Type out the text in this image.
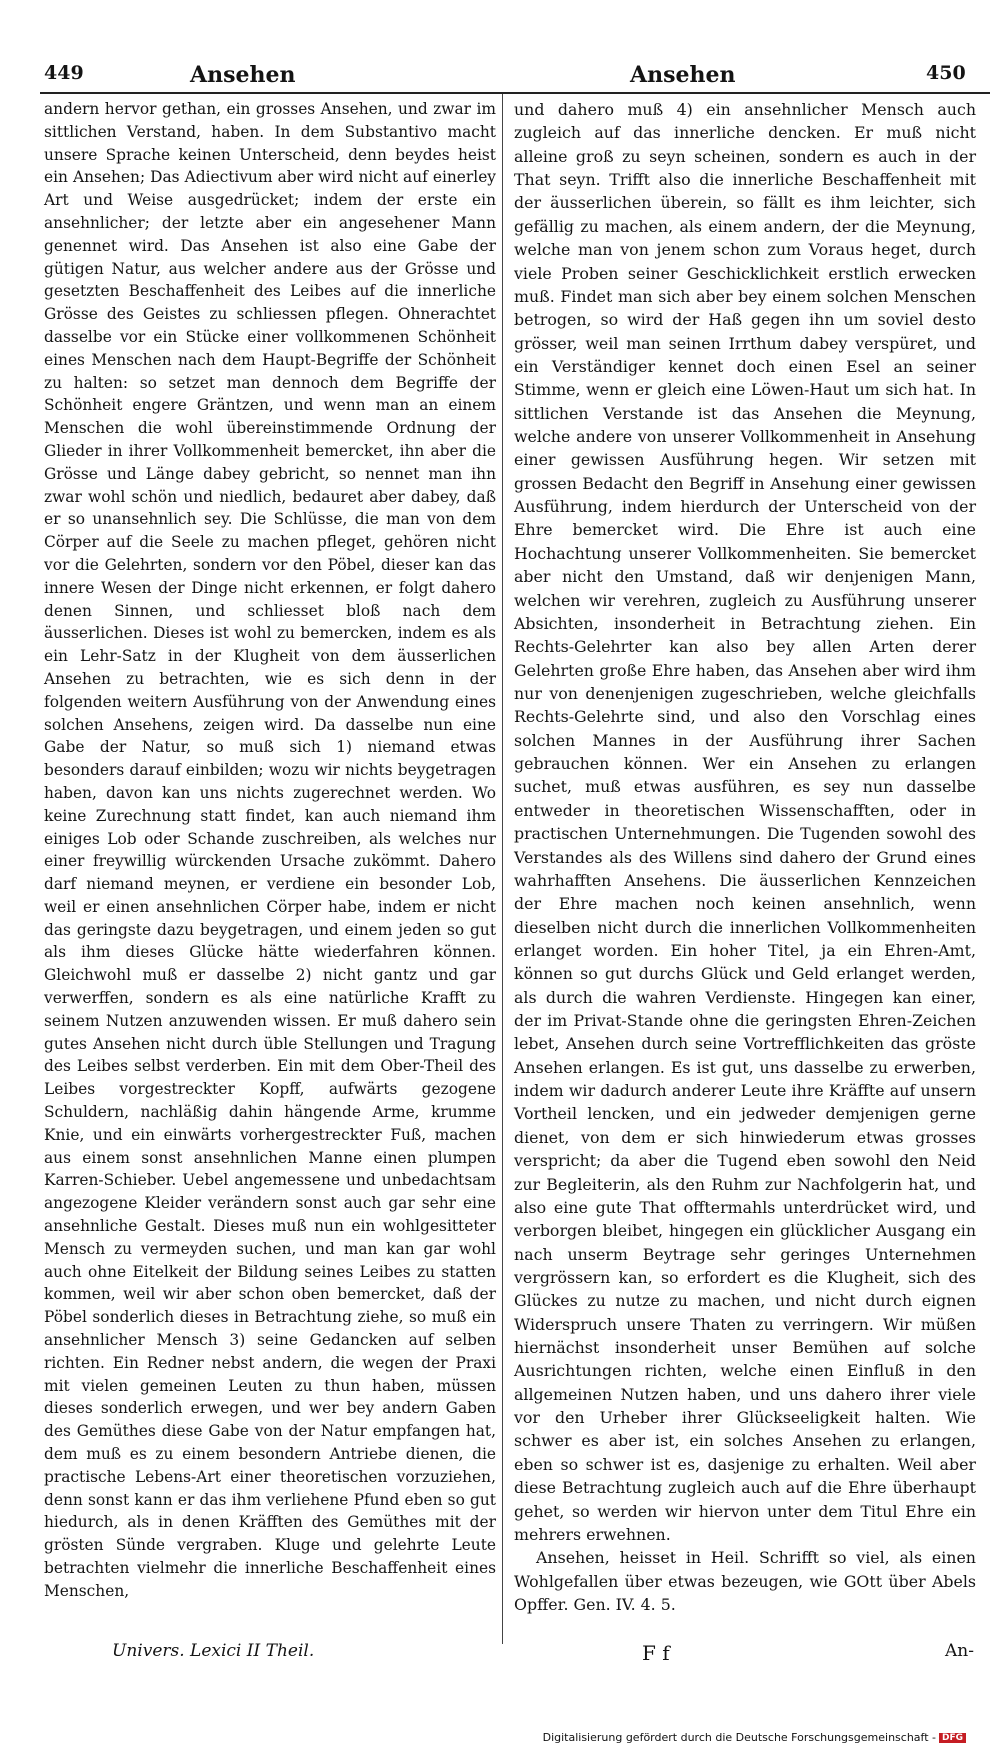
449	Ansehen	Ansehen	450

andern hervor gethan, ein grosses Ansehen, und zwar im sittlichen Verstand, haben. In dem Substantivo macht unsere Sprache keinen Unterscheid, denn beydes heist ein Ansehen; Das Adiectivum aber wird nicht auf einerley Art und Weise ausgedrücket; indem der erste ein ansehnlicher; der letzte aber ein angesehener Mann genennet wird. Das Ansehen ist also eine Gabe der gütigen Natur, aus welcher andere aus der Grösse und gesetzten Beschaffenheit des Leibes auf die innerliche Grösse des Geistes zu schliessen pflegen. Ohnerachtet dasselbe vor ein Stücke einer vollkommenen Schönheit eines Menschen nach dem Haupt-Begriffe der Schönheit zu halten: so setzet man dennoch dem Begriffe der Schönheit engere Gräntzen, und wenn man an einem Menschen die wohl übereinstimmende Ordnung der Glieder in ihrer Vollkommenheit bemercket, ihn aber die Grösse und Länge dabey gebricht, so nennet man ihn zwar wohl schön und niedlich, bedauret aber dabey, daß er so unansehnlich sey. Die Schlüsse, die man von dem Cörper auf die Seele zu machen pfleget, gehören nicht vor die Gelehrten, sondern vor den Pöbel, dieser kan das innere Wesen der Dinge nicht erkennen, er folgt dahero denen Sinnen, und schliesset bloß nach dem äusserlichen. Dieses ist wohl zu bemercken, indem es als ein Lehr-Satz in der Klugheit von dem äusserlichen Ansehen zu betrachten, wie es sich denn in der folgenden weitern Ausführung von der Anwendung eines solchen Ansehens, zeigen wird. Da dasselbe nun eine Gabe der Natur, so muß sich 1) niemand etwas besonders darauf einbilden; wozu wir nichts beygetragen haben, davon kan uns nichts zugerechnet werden. Wo keine Zurechnung statt findet, kan auch niemand ihm einiges Lob oder Schande zuschreiben, als welches nur einer freywillig würckenden Ursache zukömmt. Dahero darf niemand meynen, er verdiene ein besonder Lob, weil er einen ansehnlichen Cörper habe, indem er nicht das geringste dazu beygetragen, und einem jeden so gut als ihm dieses Glücke hätte wiederfahren können. Gleichwohl muß er dasselbe 2) nicht gantz und gar verwerffen, sondern es als eine natürliche Krafft zu seinem Nutzen anzuwenden wissen. Er muß dahero sein gutes Ansehen nicht durch üble Stellungen und Tragung des Leibes selbst verderben. Ein mit dem Ober-Theil des Leibes vorgestreckter Kopff, aufwärts gezogene Schuldern, nachläßig dahin hängende Arme, krumme Knie, und ein einwärts vorhergestreckter Fuß, machen aus einem sonst ansehnlichen Manne einen plumpen Karren-Schieber. Uebel angemessene und unbedachtsam angezogene Kleider verändern sonst auch gar sehr eine ansehnliche Gestalt. Dieses muß nun ein wohlgesitteter Mensch zu vermeyden suchen, und man kan gar wohl auch ohne Eitelkeit der Bildung seines Leibes zu statten kommen, weil wir aber schon oben bemercket, daß der Pöbel sonderlich dieses in Betrachtung ziehe, so muß ein ansehnlicher Mensch 3) seine Gedancken auf selben richten. Ein Redner nebst andern, die wegen der Praxi mit vielen gemeinen Leuten zu thun haben, müssen dieses sonderlich erwegen, und wer bey andern Gaben des Gemüthes diese Gabe von der Natur empfangen hat, dem muß es zu einem besondern Antriebe dienen, die practische Lebens-Art einer theoretischen vorzuziehen, denn sonst kann er das ihm verliehene Pfund eben so gut hiedurch, als in denen Kräfften des Gemüthes mit der grösten Sünde vergraben. Kluge und gelehrte Leute betrachten vielmehr die innerliche Beschaffenheit eines Menschen,

und dahero muß 4) ein ansehnlicher Mensch auch zugleich auf das innerliche dencken. Er muß nicht alleine groß zu seyn scheinen, sondern es auch in der That seyn. Trifft also die innerliche Beschaffenheit mit der äusserlichen überein, so fällt es ihm leichter, sich gefällig zu machen, als einem andern, der die Meynung, welche man von jenem schon zum Voraus heget, durch viele Proben seiner Geschicklichkeit erstlich erwecken muß. Findet man sich aber bey einem solchen Menschen betrogen, so wird der Haß gegen ihn um soviel desto grösser, weil man seinen Irrthum dabey verspüret, und ein Verständiger kennet doch einen Esel an seiner Stimme, wenn er gleich eine Löwen-Haut um sich hat. In sittlichen Verstande ist das Ansehen die Meynung, welche andere von unserer Vollkommenheit in Ansehung einer gewissen Ausführung hegen. Wir setzen mit grossen Bedacht den Begriff in Ansehung einer gewissen Ausführung, indem hierdurch der Unterscheid von der Ehre bemercket wird. Die Ehre ist auch eine Hochachtung unserer Vollkommenheiten. Sie bemercket aber nicht den Umstand, daß wir denjenigen Mann, welchen wir verehren, zugleich zu Ausführung unserer Absichten, insonderheit in Betrachtung ziehen. Ein Rechts-Gelehrter kan also bey allen Arten derer Gelehrten große Ehre haben, das Ansehen aber wird ihm nur von denenjenigen zugeschrieben, welche gleichfalls Rechts-Gelehrte sind, und also den Vorschlag eines solchen Mannes in der Ausführung ihrer Sachen gebrauchen können. Wer ein Ansehen zu erlangen suchet, muß etwas ausführen, es sey nun dasselbe entweder in theoretischen Wissenschafften, oder in practischen Unternehmungen. Die Tugenden sowohl des Verstandes als des Willens sind dahero der Grund eines wahrhafften Ansehens. Die äusserlichen Kennzeichen der Ehre machen noch keinen ansehnlich, wenn dieselben nicht durch die innerlichen Vollkommenheiten erlanget worden. Ein hoher Titel, ja ein Ehren-Amt, können so gut durchs Glück und Geld erlanget werden, als durch die wahren Verdienste. Hingegen kan einer, der im Privat-Stande ohne die geringsten Ehren-Zeichen lebet, Ansehen durch seine Vortrefflichkeiten das gröste Ansehen erlangen. Es ist gut, uns dasselbe zu erwerben, indem wir dadurch anderer Leute ihre Kräffte auf unsern Vortheil lencken, und ein jedweder demjenigen gerne dienet, von dem er sich hinwiederum etwas grosses verspricht; da aber die Tugend eben sowohl den Neid zur Begleiterin, als den Ruhm zur Nachfolgerin hat, und also eine gute That offtermahls unterdrücket wird, und verborgen bleibet, hingegen ein glücklicher Ausgang ein nach unserm Beytrage sehr geringes Unternehmen vergrössern kan, so erfordert es die Klugheit, sich des Glückes zu nutze zu machen, und nicht durch eignen Widerspruch unsere Thaten zu verringern. Wir müßen hiernächst insonderheit unser Bemühen auf solche Ausrichtungen richten, welche einen Einfluß in den allgemeinen Nutzen haben, und uns dahero ihrer viele vor den Urheber ihrer Glückseeligkeit halten. Wie schwer es aber ist, ein solches Ansehen zu erlangen, eben so schwer ist es, dasjenige zu erhalten. Weil aber diese Betrachtung zugleich auch auf die Ehre überhaupt gehet, so werden wir hiervon unter dem Titul Ehre ein mehrers erwehnen.

Ansehen, heisset in Heil. Schrifft so viel, als einen Wohlgefallen über etwas bezeugen, wie GOtt über Abels Opffer. Gen. IV. 4. 5.

Univers. Lexici II Theil.	F f	An-
Digitalisierung gefördert durch die Deutsche Forschungsgemeinschaft - DFG
